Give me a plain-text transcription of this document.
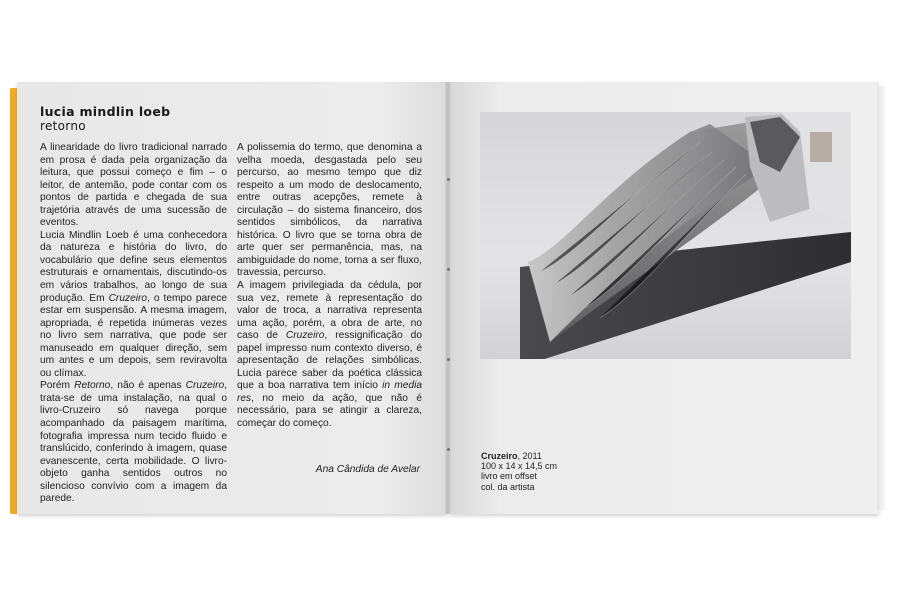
lucia mindlin loeb
retorno

A linearidade do livro tradicional narrado em prosa é dada pela organização da leitura, que possui começo e fim – o leitor, de antemão, pode contar com os pontos de partida e chegada de sua trajetória através de uma sucessão de eventos.

Lucia Mindlin Loeb é uma conhecedora da natureza e história do livro, do vocabulário que define seus elementos estruturais e ornamentais, discutindo-os em vários trabalhos, ao longo de sua produção. Em Cruzeiro, o tempo parece estar em suspensão. A mesma imagem, apropriada, é repetida inúmeras vezes no livro sem narrativa, que pode ser manuseado em qualquer direção, sem um antes e um depois, sem reviravolta ou clímax.

Porém Retorno, não é apenas Cruzeiro, trata-se de uma instalação, na qual o livro-Cruzeiro só navega porque acompanhado da paisagem marítima, fotografia impressa num tecido fluido e translúcido, conferindo à imagem, quase evanescente, certa mobilidade. O livro-objeto ganha sentidos outros no silencioso convívio com a imagem da parede.

A polissemia do termo, que denomina a velha moeda, desgastada pelo seu percurso, ao mesmo tempo que diz respeito a um modo de deslocamento, entre outras acepções, remete à circulação – do sistema financeiro, dos sentidos simbólicos, da narrativa histórica. O livro que se torna obra de arte quer ser permanência, mas, na ambiguidade do nome, torna a ser fluxo, travessia, percurso.

A imagem privilegiada da cédula, por sua vez, remete à representação do valor de troca, a narrativa representa uma ação, porém, a obra de arte, no caso de Cruzeiro, ressignificação do papel impresso num contexto diverso, é apresentação de relações simbólicas. Lucia parece saber da poética clássica que a boa narrativa tem início in media res, no meio da ação, que não é necessário, para se atingir a clareza, começar do começo.

Ana Cândida de Avelar
Cruzeiro, 2011
100 x 14 x 14,5 cm
livro em offset
col. da artista
